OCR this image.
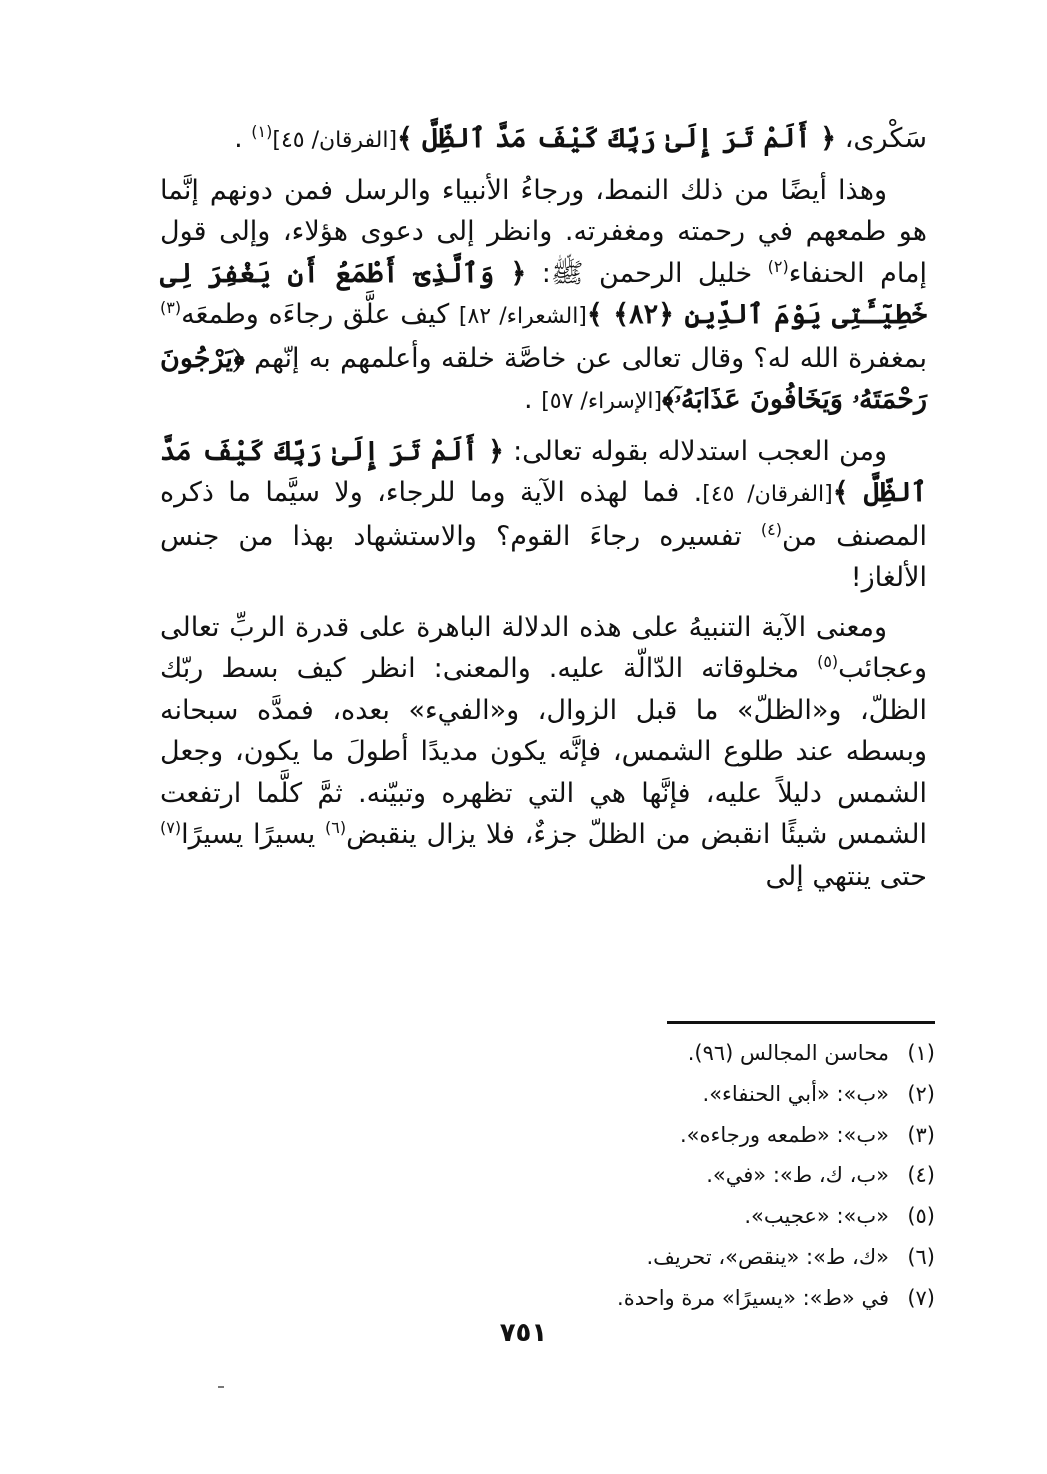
سَكْرى، ﴿ أَلَمْ تَرَ إِلَىٰ رَبِّكَ كَيْفَ مَدَّ ٱلظِّلَّ ﴾[الفرقان/ ٤٥]$^{(١)}$ .

وهذا أيضًا من ذلك النمط، ورجاءُ الأنبياء والرسل فمن دونهم إنَّما هو طمعهم في رحمته ومغفرته. وانظر إلى دعوى هؤلاء، وإلى قول إمام الحنفاء$^{(٢)}$ خليل الرحمن ﷺ: ﴿ وَٱلَّذِىٓ أَطْمَعُ أَن يَغْفِرَ لِى خَطِيٓـَٔتِى يَوْمَ ٱلدِّينِ ﴿٨٢﴾ ﴾[الشعراء/ ٨٢] كيف علَّق رجاءَه وطمعَه$^{(٣)}$ بمغفرة الله له؟ وقال تعالى عن خاصَّة خلقه وأعلمهم به إنّهم ﴿يَرْجُونَ رَحْمَتَهُۥ وَيَخَافُونَ عَذَابَهُۥٓ﴾[الإسراء/ ٥٧] .

ومن العجب استدلاله بقوله تعالى: ﴿ أَلَمْ تَرَ إِلَىٰ رَبِّكَ كَيْفَ مَدَّ ٱلظِّلَّ ﴾[الفرقان/ ٤٥]. فما لهذه الآية وما للرجاء، ولا سيَّما ما ذكره المصنف من$^{(٤)}$ تفسيره رجاءَ القوم؟ والاستشهاد بهذا من جنس الألغاز!

ومعنى الآية التنبيهُ على هذه الدلالة الباهرة على قدرة الربِّ تعالى وعجائب$^{(٥)}$ مخلوقاته الدّالّة عليه. والمعنى: انظر كيف بسط ربّك الظلّ، و«الظلّ» ما قبل الزوال، و«الفيء» بعده، فمدَّه سبحانه وبسطه عند طلوع الشمس، فإنَّه يكون مديدًا أطولَ ما يكون، وجعل الشمس دليلاً عليه، فإنَّها هي التي تظهره وتبيّنه. ثمَّ كلَّما ارتفعت الشمس شيئًا انقبض من الظلّ جزءٌ، فلا يزال ينقبض$^{(٦)}$ يسيرًا يسيرًا$^{(٧)}$ حتى ينتهي إلى

(١)محاسن المجالس (٩٦).
(٢)«ب»: «أبي الحنفاء».
(٣)«ب»: «طمعه ورجاءه».
(٤)«ب، ك، ط»: «في».
(٥)«ب»: «عجيب».
(٦)«ك، ط»: «ينقص»، تحريف.
(٧)في «ط»: «يسيرًا» مرة واحدة.
٧٥١
